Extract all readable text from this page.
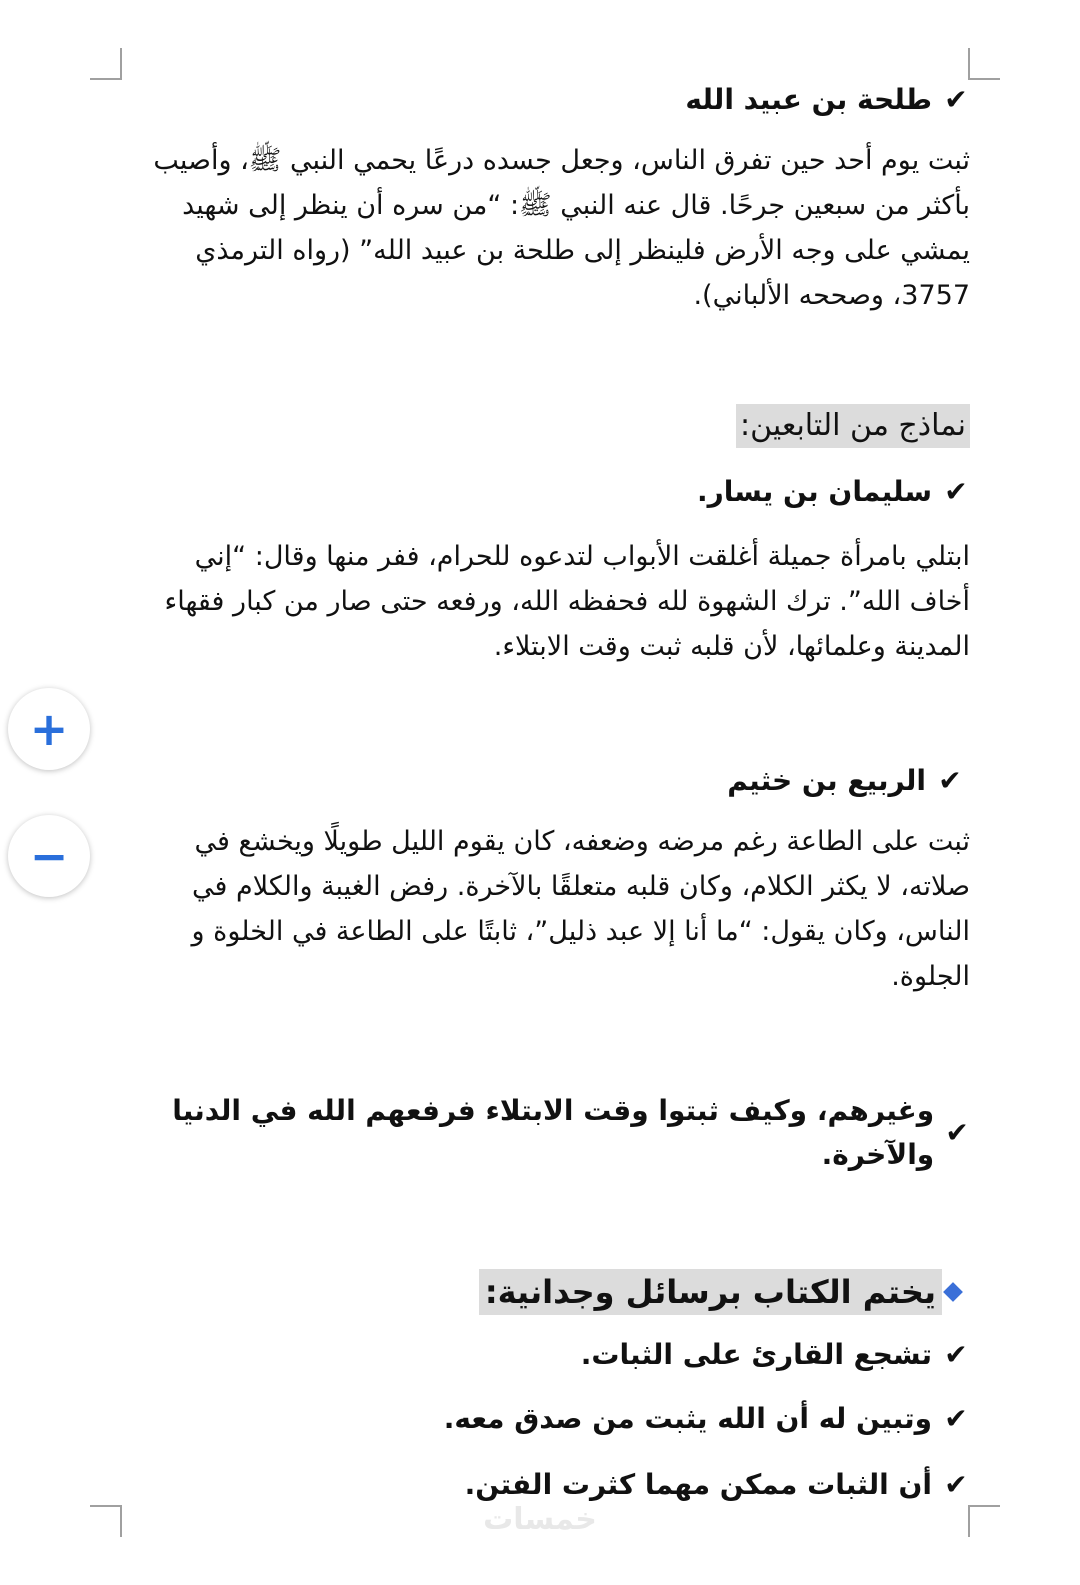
✔
طلحة بن عبيد الله

ثبت يوم أحد حين تفرق الناس، وجعل جسده درعًا يحمي النبي ﷺ، وأصيب بأكثر من سبعين جرحًا. قال عنه النبي ﷺ: “من سره أن ينظر إلى شهيد يمشي على وجه الأرض فلينظر إلى طلحة بن عبيد الله” (رواه الترمذي 3757، وصححه الألباني).

نماذج من التابعين:
✔
سليمان بن يسار.

ابتلي بامرأة جميلة أغلقت الأبواب لتدعوه للحرام، ففر منها وقال: “إني أخاف الله”. ترك الشهوة لله فحفظه الله، ورفعه حتى صار من كبار فقهاء المدينة وعلمائها، لأن قلبه ثبت وقت الابتلاء.

✔
الربيع بن خثيم

ثبت على الطاعة رغم مرضه وضعفه، كان يقوم الليل طويلًا ويخشع في صلاته، لا يكثر الكلام، وكان قلبه متعلقًا بالآخرة. رفض الغيبة والكلام في الناس، وكان يقول: “ما أنا إلا عبد ذليل”، ثابتًا على الطاعة في الخلوة و الجلوة.

✔
وغيرهم، وكيف ثبتوا وقت الابتلاء فرفعهم الله في الدنيا والآخرة.
يختم الكتاب برسائل وجدانية:
✔
تشجع القارئ على الثبات.
✔
وتبين له أن الله يثبت من صدق معه.
✔
أن الثبات ممكن مهما كثرت الفتن.
+
−
خمسات
